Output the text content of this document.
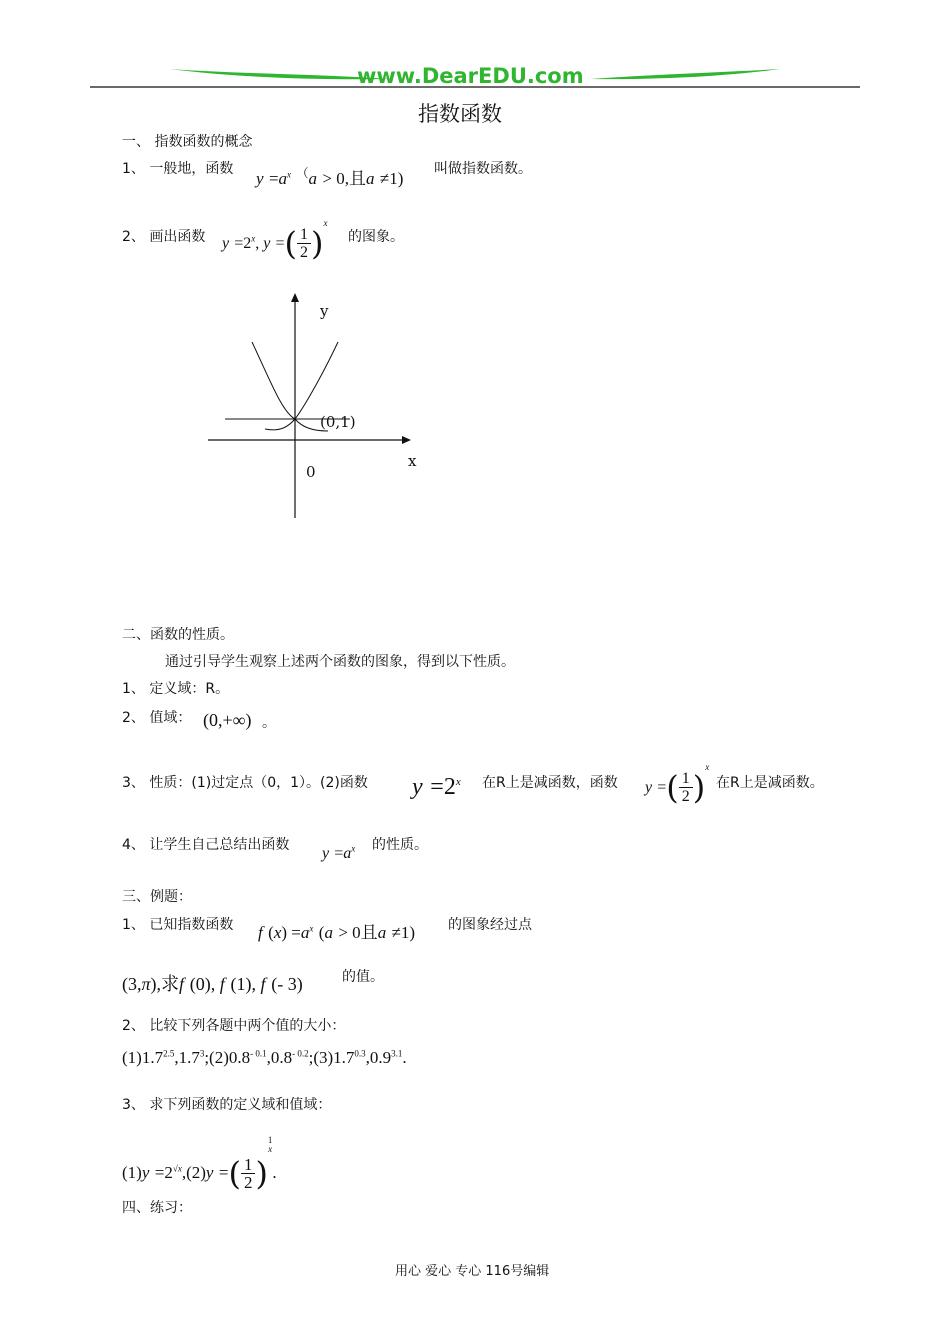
www.DearEDU.com
指数函数
一、 指数函数的概念
1、 一般地，函数 $y =a^x$ （a > 0,且a ≠1) 叫做指数函数。
2、 画出函数 $y =2^x$, y =( $\frac{1}{2} )^x$
的图象。
y
x
(0,1)
0
二、函数的性质。
通过引导学生观察上述两个函数的图象，得到以下性质。
1、 定义域：R。
2、 值域： (0,+∞) 。
3、 性质：(1)过定点（0，1）。(2)函数 $y =2^x$ 在R上是减函数，函数 y =( $\frac{1}{2} )^x$
在R上是减函数。
4、 让学生自己总结出函数 $y =a^x$ 的性质。
三、例题：
1、 已知指数函数 f $(x) =a^x$ (a > 0且a ≠1) 的图象经过点
(3,π),求f (0), f (1), f (- 3)	的值。
2、 比较下列各题中两个值的大小：
$(1)1.7^{2.5},1.7^3;(2)0.8^{- 0.1},0.8^{- 0.2};(3)1.7^{0.3},0.9^{3.1}$.
3、 求下列函数的定义域和值域：
$(1)y =2^{√x},(2)y$ =( $\frac{1}{2} )^{1 x}$.
四、练习：
用心 爱心 专心 116号编辑
